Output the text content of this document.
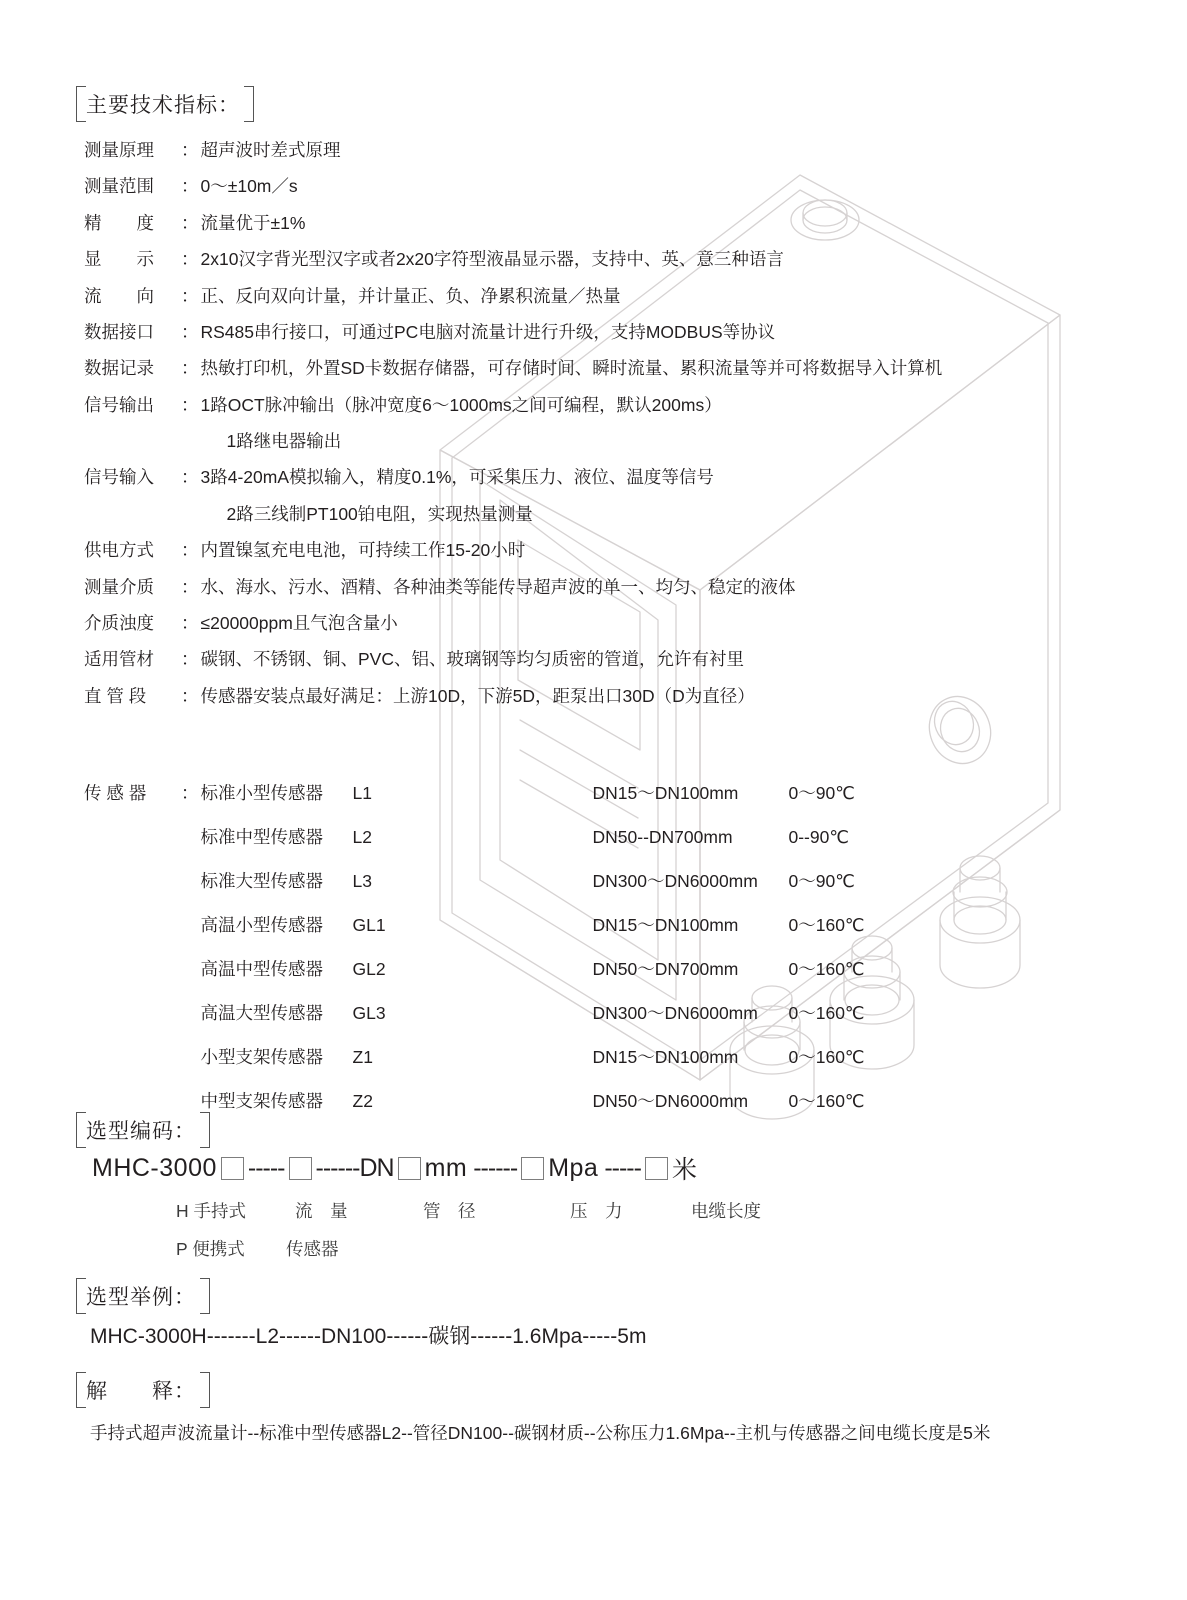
主要技术指标：
测量原理	： 超声波时差式原理
测量范围	： 0～±10m／s
精　　度	： 流量优于±1%
显　　示	： 2x10汉字背光型汉字或者2x20字符型液晶显示器，支持中、英、意三种语言
流　　向	： 正、反向双向计量，并计量正、负、净累积流量／热量
数据接口	： RS485串行接口，可通过PC电脑对流量计进行升级，支持MODBUS等协议
数据记录	： 热敏打印机，外置SD卡数据存储器，可存储时间、瞬时流量、累积流量等并可将数据导入计算机
信号输出	： 1路OCT脉冲输出（脉冲宽度6～1000ms之间可编程，默认200ms）
1路继电器输出
信号输入	： 3路4-20mA模拟输入，精度0.1%，可采集压力、液位、温度等信号
2路三线制PT100铂电阻，实现热量测量
供电方式	： 内置镍氢充电电池，可持续工作15-20小时
测量介质	： 水、海水、污水、酒精、各种油类等能传导超声波的单一、均匀、稳定的液体
介质浊度	： ≤20000ppm且气泡含量小
适用管材	： 碳钢、不锈钢、铜、PVC、铝、玻璃钢等均匀质密的管道，允许有衬里
直 管 段	： 传感器安装点最好满足：上游10D，下游5D，距泵出口30D（D为直径）
传 感 器	： 标准小型传感器	L1	DN15～DN100mm	0～90℃
标准中型传感器	L2	DN50--DN700mm	0--90℃
标准大型传感器	L3	DN300～DN6000mm	0～90℃
高温小型传感器	GL1	DN15～DN100mm	0～160℃
高温中型传感器	GL2	DN50～DN700mm	0～160℃
高温大型传感器	GL3	DN300～DN6000mm	0～160℃
小型支架传感器	Z1	DN15～DN100mm	0～160℃
中型支架传感器	Z2	DN50～DN6000mm	0～160℃
选型编码：
MHC-3000 ----- ------DN mm ------ Mpa ----- 米
H 手持式	流　量	管　径	压　力	电缆长度
P 便携式 传感器
选型举例：
MHC-3000H-------L2------DN100------碳钢------1.6Mpa-----5m
解　　释：
手持式超声波流量计--标准中型传感器L2--管径DN100--碳钢材质--公称压力1.6Mpa--主机与传感器之间电缆长度是5米
